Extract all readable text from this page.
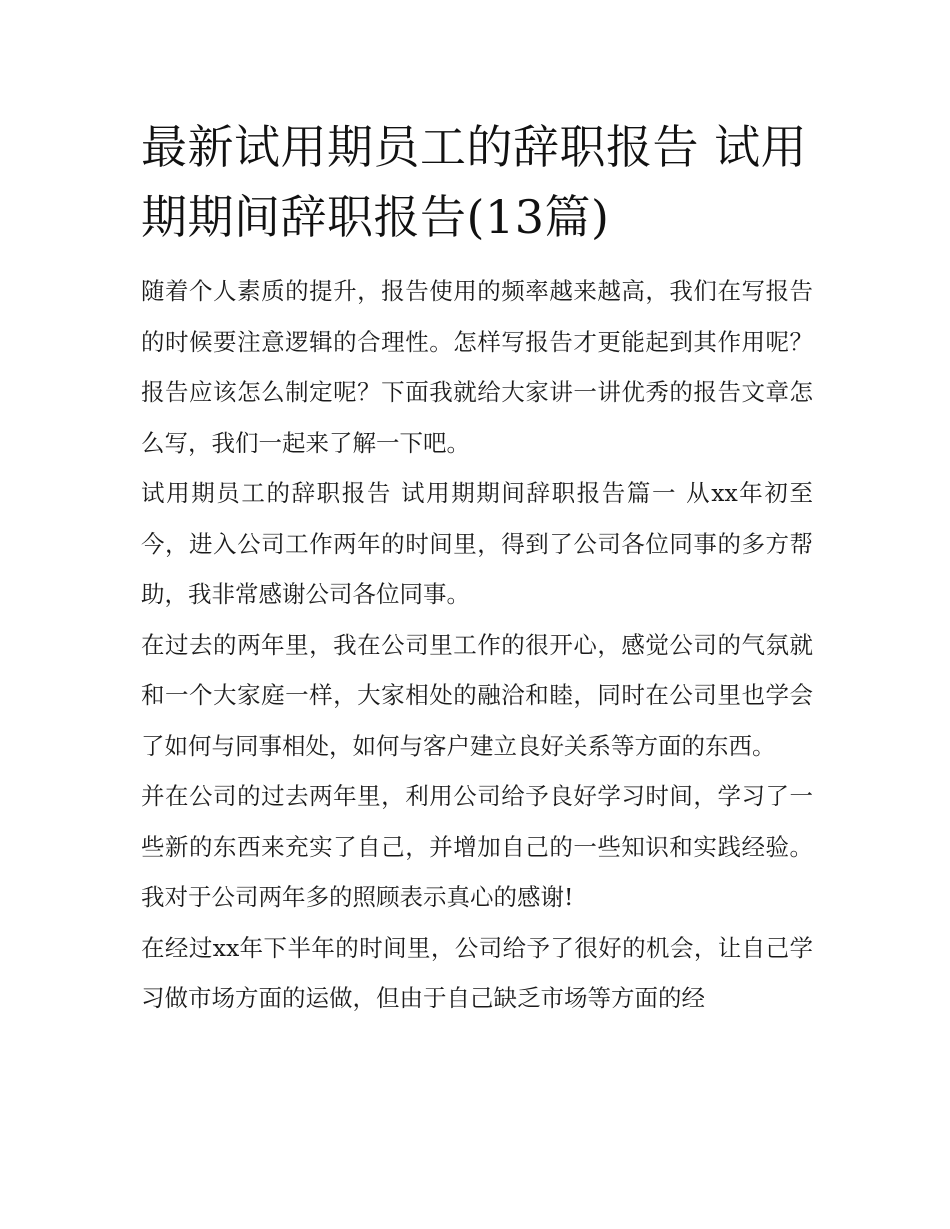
最新试用期员工的辞职报告 试用期期间辞职报告(13篇)

随着个人素质的提升，报告使用的频率越来越高，我们在写报告的时候要注意逻辑的合理性。怎样写报告才更能起到其作用呢？报告应该怎么制定呢？下面我就给大家讲一讲优秀的报告文章怎么写，我们一起来了解一下吧。

试用期员工的辞职报告 试用期期间辞职报告篇一 从xx年初至今，进入公司工作两年的时间里，得到了公司各位同事的多方帮助，我非常感谢公司各位同事。

在过去的两年里，我在公司里工作的很开心，感觉公司的气氛就和一个大家庭一样，大家相处的融洽和睦，同时在公司里也学会了如何与同事相处，如何与客户建立良好关系等方面的东西。

并在公司的过去两年里，利用公司给予良好学习时间，学习了一些新的东西来充实了自己，并增加自己的一些知识和实践经验。 我对于公司两年多的照顾表示真心的感谢!

在经过xx年下半年的时间里，公司给予了很好的机会，让自己学习做市场方面的运做，但由于自己缺乏市场等方面的经
